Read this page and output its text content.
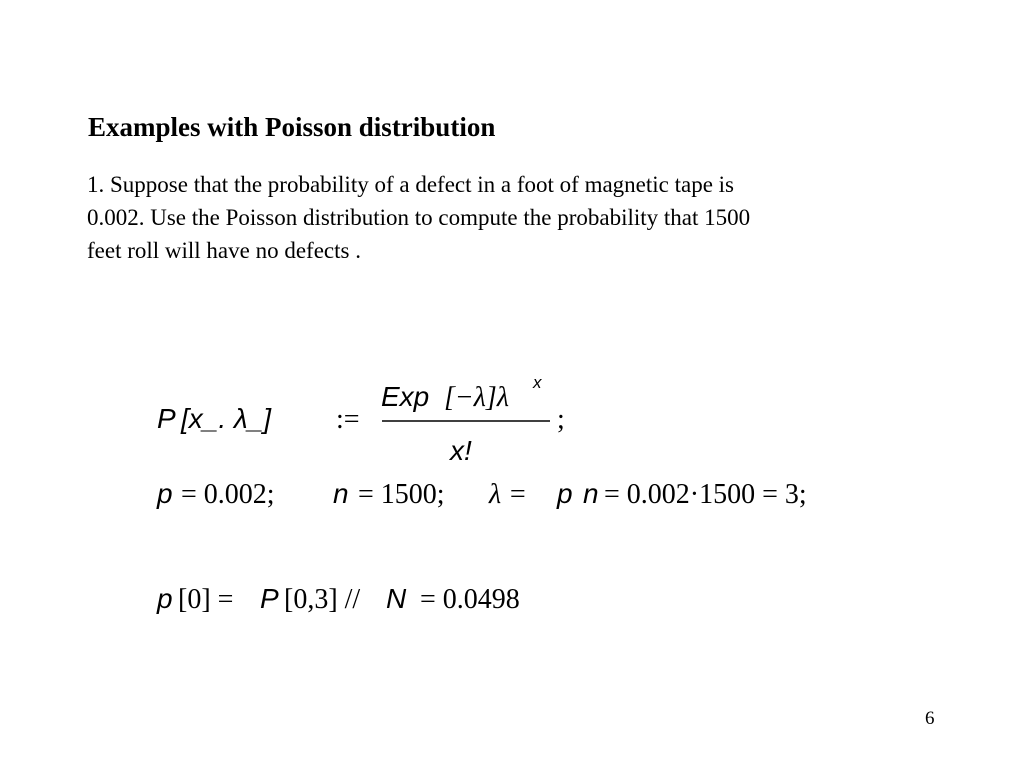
Examples with Poisson distribution
1. Suppose that the probability of a defect in a foot of magnetic tape is
0.002. Use the Poisson distribution to compute the probability that 1500
feet roll will have no defects .
P [x_. λ_] :=
Exp [−λ]λ x
x!
;
p = 0.002; n = 1500; λ = p n = 0.002·1500 = 3;
p [0] = P [0,3] // N = 0.0498
6
